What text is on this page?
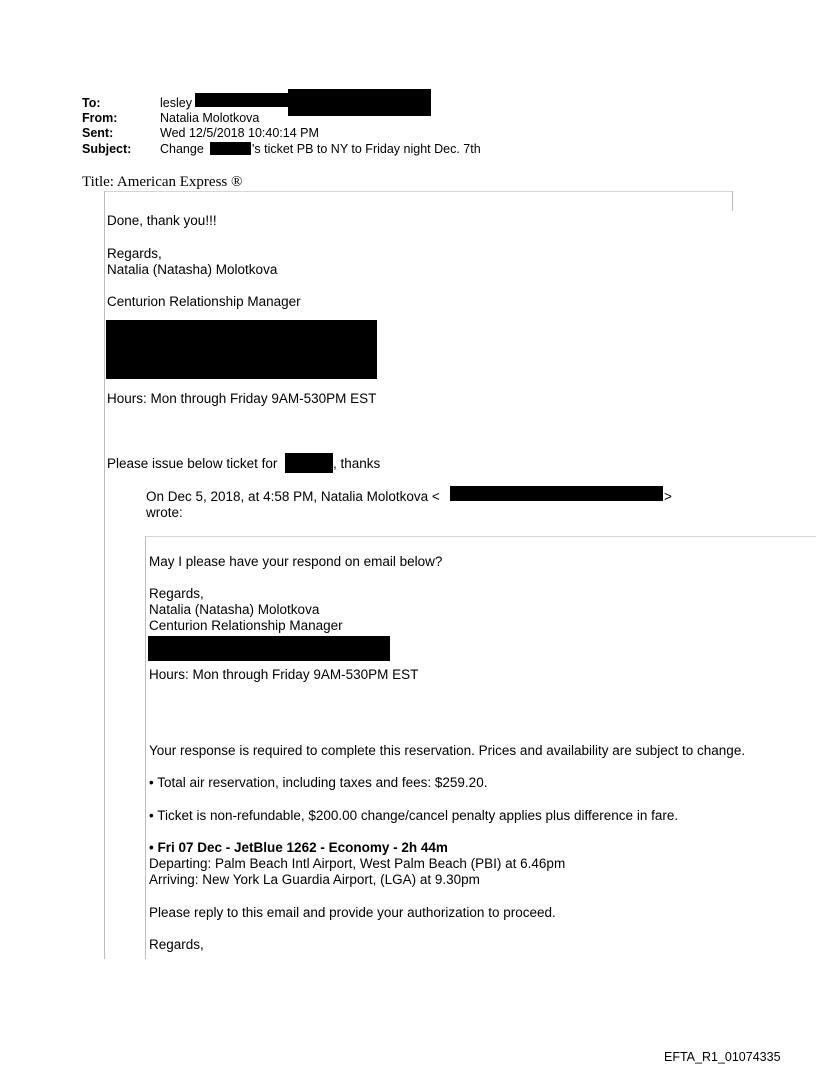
To:	lesley
From:	Natalia Molotkova
Sent:	Wed 12/5/2018 10:40:14 PM
Subject: Change	's ticket PB to NY to Friday night Dec. 7th
Title: American Express ®
Done, thank you!!!
Regards,
Natalia (Natasha) Molotkova
Centurion Relationship Manager
Hours: Mon through Friday 9AM-530PM EST
Please issue below ticket for	, thanks
On Dec 5, 2018, at 4:58 PM, Natalia Molotkova <	>
wrote:
May I please have your respond on email below?
Regards,
Natalia (Natasha) Molotkova
Centurion Relationship Manager
Hours: Mon through Friday 9AM-530PM EST
Your response is required to complete this reservation. Prices and availability are subject to change.
• Total air reservation, including taxes and fees: $259.20.
• Ticket is non-refundable, $200.00 change/cancel penalty applies plus difference in fare.
• Fri 07 Dec - JetBlue 1262 - Economy - 2h 44m
Departing: Palm Beach Intl Airport, West Palm Beach (PBI) at 6.46pm
Arriving: New York La Guardia Airport, (LGA) at 9.30pm
Please reply to this email and provide your authorization to proceed.
Regards,
EFTA_R1_01074335
